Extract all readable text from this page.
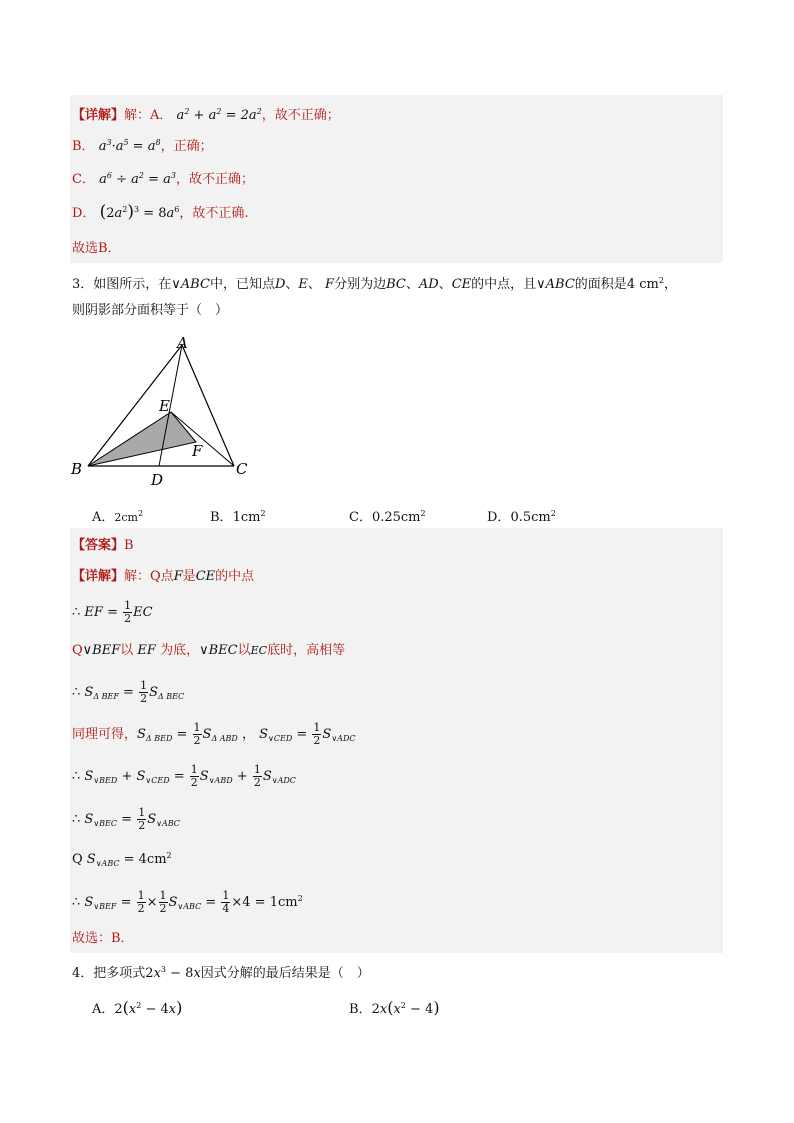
【详解】解：A． $a^2 + a^2 = 2a^2$，故不正确；
B． $a^3\cdot a^5 = a^8$，正确；
C． $a^6 \div a^2 = a^3$，故不正确；
D． $(2a^2)^3 = 8a^6$，故不正确.
故选B．
3．如图所示，在∨ABC中，已知点D、E、 F分别为边BC、AD、CE的中点，且∨ABC的面积是4 $cm^2$，
则阴影部分面积等于（　）
A
E
F
B
D
C
A．$2cm^2$	B．$1cm^2$	C．$0.25cm^2$	D．$0.5cm^2$
【答案】B
【详解】解：Q点F是CE的中点
∴ EF = $\frac{1}{2}$ EC
Q∨BEF以 EF 为底，∨BEC以EC底时，高相等
∴ $S_{\Delta BEF} = \frac{1}{2} S_{\Delta BEC}$
同理可得，$S_{\Delta BED} = \frac{1}{2} S_{\Delta ABD}$ ， $S_{\vee CED} = \frac{1}{2} S_{\vee ADC}$
∴ $S_{\vee BED} + S_{\vee CED} = \frac{1}{2} S_{\vee ABD} + \frac{1}{2} S_{\vee ADC}$
∴ $S_{\vee BEC} = \frac{1}{2} S_{\vee ABC}$
Q $S_{\vee ABC} = 4cm^2$
∴ $S_{\vee BEF} = \frac{1}{2} \times \frac{1}{2} S_{\vee ABC} = \frac{1}{4} \times 4 = 1cm^2$
故选：B．
4．把多项式$2x^3 - 8x$因式分解的最后结果是（　）
A．$2(x^2 - 4x)$	B．$2x(x^2 - 4)$
